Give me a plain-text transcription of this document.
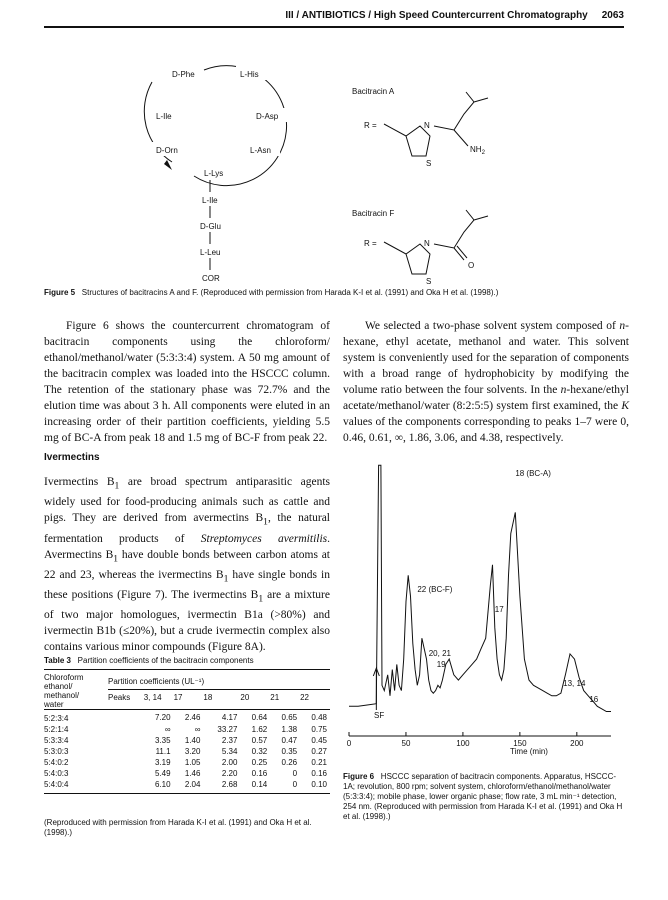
III / ANTIBIOTICS / High Speed Countercurrent Chromatography 2063
D-Phe	L-His
D-Asp
L-Asn
L-Lys
D-Orn
L-Ile
L-Ile
D-Glu
L-Leu
COR
Bacitracin A
R =	N
S
$NH_2$
Bacitracin F
R =	N
S
O
Figure 5 Structures of bacitracins A and F. (Reproduced with permission from Harada K-I et al. (1991) and Oka H et al. (1998).)

Figure 6 shows the countercurrent chromatogram of bacitracin components using the chloroform/ ethanol/methanol/water (5:3:3:4) system. A 50 mg amount of the bacitracin complex was loaded into the HSCCC column. The retention of the stationary phase was 72.7% and the elution time was about 3 h. All components were eluted in an increasing order of their partition coefficients, yielding 5.5 mg of BC-A from peak 18 and 1.5 mg of BC-F from peak 22.

We selected a two-phase solvent system composed of n-hexane, ethyl acetate, methanol and water. This solvent system is conveniently used for the separation of components with a broad range of hydrophobicity by modifying the volume ratio between the four solvents. In the n-hexane/ethyl acetate/methanol/water (8:2:5:5) system first examined, the K values of the components corresponding to peaks 1–7 were 0, 0.46, 0.61, ∞, 1.86, 3.06, and 4.38, respectively.

Ivermectins

Ivermectins $B_1$ are broad spectrum antiparasitic agents widely used for food-producing animals such as cattle and pigs. They are derived from avermectins $B_1$, the natural fermentation products of Streptomyces avermitilis. Avermectins $B_1$ have double bonds between carbon atoms at 22 and 23, whereas the ivermectins $B_1$ have single bonds in these positions (Figure 7). The ivermectins $B_1$ are a mixture of two major homologues, ivermectin B1a (>80%) and ivermectin B1b (≤20%), but a crude ivermectin complex also contains various minor compounds (Figure 8A).

Table 3 Partition coefficients of the bacitracin components
Chloroform
ethanol/
methanol/
water	Partition coefficients (UL⁻¹)						
	Peaks	3, 14	17	18	20	21	22
5:2:3:4		7.20	2.46	4.17	0.64	0.65	0.48
5:2:1:4		∞	∞	33.27	1.62	1.38	0.75
5:3:3:4		3.35	1.40	2.37	0.57	0.47	0.45
5:3:0:3		11.1	3.20	5.34	0.32	0.35	0.27
5:4:0:2		3.19	1.05	2.00	0.25	0.26	0.21
5:4:0:3		5.49	1.46	2.20	0.16	0	0.16
5:4:0:4		6.10	2.04	2.68	0.14	0	0.10
(Reproduced with permission from Harada K-I et al. (1991) and Oka H et al. (1998).)
0	50	100	150	200
18 (BC-A)
22 (BC-F)
17
20, 21
19
13, 14
16
SF
Time (min)
Figure 6 HSCCC separation of bacitracin components. Apparatus, HSCCC-1A; revolution, 800 rpm; solvent system, chloroform/ethanol/methanol/water (5:3:3:4); mobile phase, lower organic phase; flow rate, 3 mL min⁻¹ detection, 254 nm. (Reproduced with permission from Harada K-I et al. (1991) and Oka H et al. (1998).)
